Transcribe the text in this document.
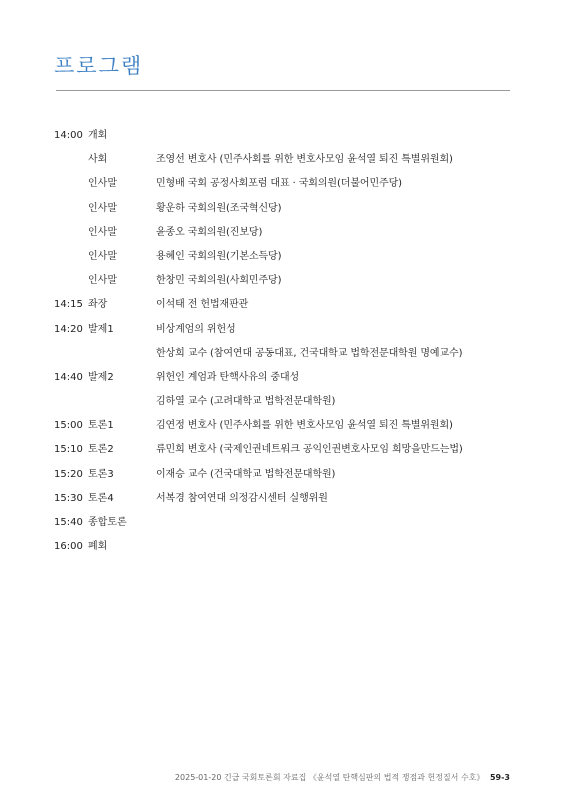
프로그램
14:00 개회
사회	조영선 변호사 (민주사회를 위한 변호사모임 윤석열 퇴진 특별위원회)
인사말	민형배 국회 공정사회포럼 대표 · 국회의원(더불어민주당)
인사말	황운하 국회의원(조국혁신당)
인사말	윤종오 국회의원(진보당)
인사말	용혜인 국회의원(기본소득당)
인사말	한창민 국회의원(사회민주당)
14:15 좌장	이석태 전 헌법재판관
14:20 발제1	비상계엄의 위헌성
한상희 교수 (참여연대 공동대표, 건국대학교 법학전문대학원 명예교수)
14:40 발제2	위헌인 계엄과 탄핵사유의 중대성
김하열 교수 (고려대학교 법학전문대학원)
15:00 토론1	김연정 변호사 (민주사회를 위한 변호사모임 윤석열 퇴진 특별위원회)
15:10 토론2	류민희 변호사 (국제인권네트워크 공익인권변호사모임 희망을만드는법)
15:20 토론3	이재승 교수 (건국대학교 법학전문대학원)
15:30 토론4	서복경 참여연대 의정감시센터 실행위원
15:40 종합토론
16:00 폐회
2025-01-20 긴급 국회토론회 자료집 《윤석열 탄핵심판의 법적 쟁점과 헌정질서 수호》 59-3
